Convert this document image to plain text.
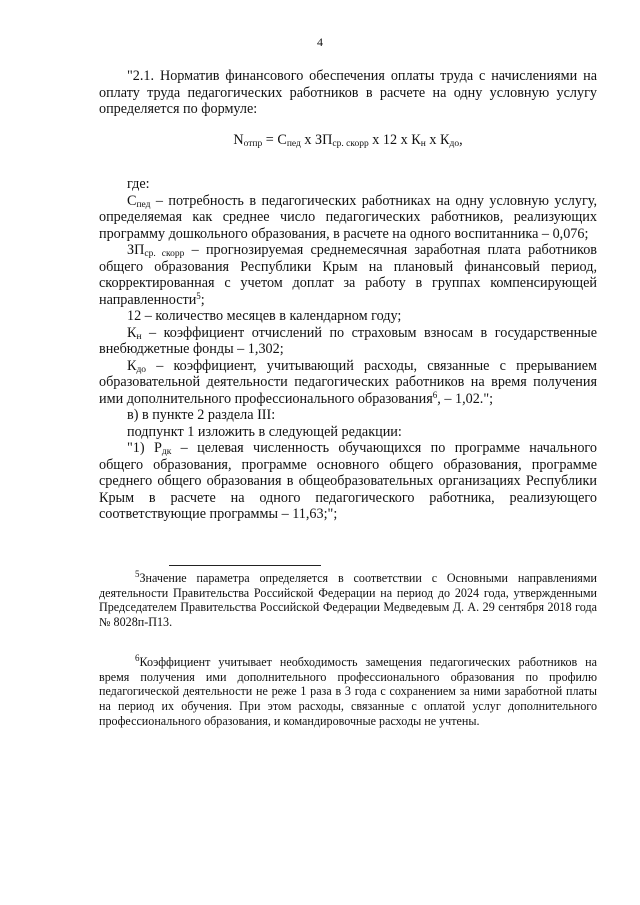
4

"2.1. Норматив финансового обеспечения оплаты труда с начислениями на оплату труда педагогических работников в расчете на одну условную услугу определяется по формуле:

$N_{отпр} = С_{пед}$ х $ЗП_{ср. скорр}$ х 12 х $К_н$ х $К_{до}$,

где:

$С_{пед}$ – потребность в педагогических работниках на одну условную услугу, определяемая как среднее число педагогических работников, реализующих программу дошкольного образования, в расчете на одного воспитанника – 0,076;

$ЗП_{ср. скорр}$ – прогнозируемая среднемесячная заработная плата работников общего образования Республики Крым на плановый финансовый период, скорректированная с учетом доплат за работу в группах компенсирующей направленности$^5$;

12 – количество месяцев в календарном году;

$К_н$ – коэффициент отчислений по страховым взносам в государственные внебюджетные фонды – 1,302;

$К_{до}$ – коэффициент, учитывающий расходы, связанные с прерыванием образовательной деятельности педагогических работников на время получения ими дополнительного профессионального образования$^6$, – 1,02.";

в) в пункте 2 раздела III:

подпункт 1 изложить в следующей редакции:

"1) $Р_{дк}$ – целевая численность обучающихся по программе начального общего образования, программе основного общего образования, программе среднего общего образования в общеобразовательных организациях Республики Крым в расчете на одного педагогического работника, реализующего соответствующие программы – 11,63;";

$^5$Значение параметра определяется в соответствии с Основными направлениями деятельности Правительства Российской Федерации на период до 2024 года, утвержденными Председателем Правительства Российской Федерации Медведевым Д. А. 29 сентября 2018 года № 8028п-П13.

$^6$Коэффициент учитывает необходимость замещения педагогических работников на время получения ими дополнительного профессионального образования по профилю педагогической деятельности не реже 1 раза в 3 года с сохранением за ними заработной платы на период их обучения. При этом расходы, связанные с оплатой услуг дополнительного профессионального образования, и командировочные расходы не учтены.
